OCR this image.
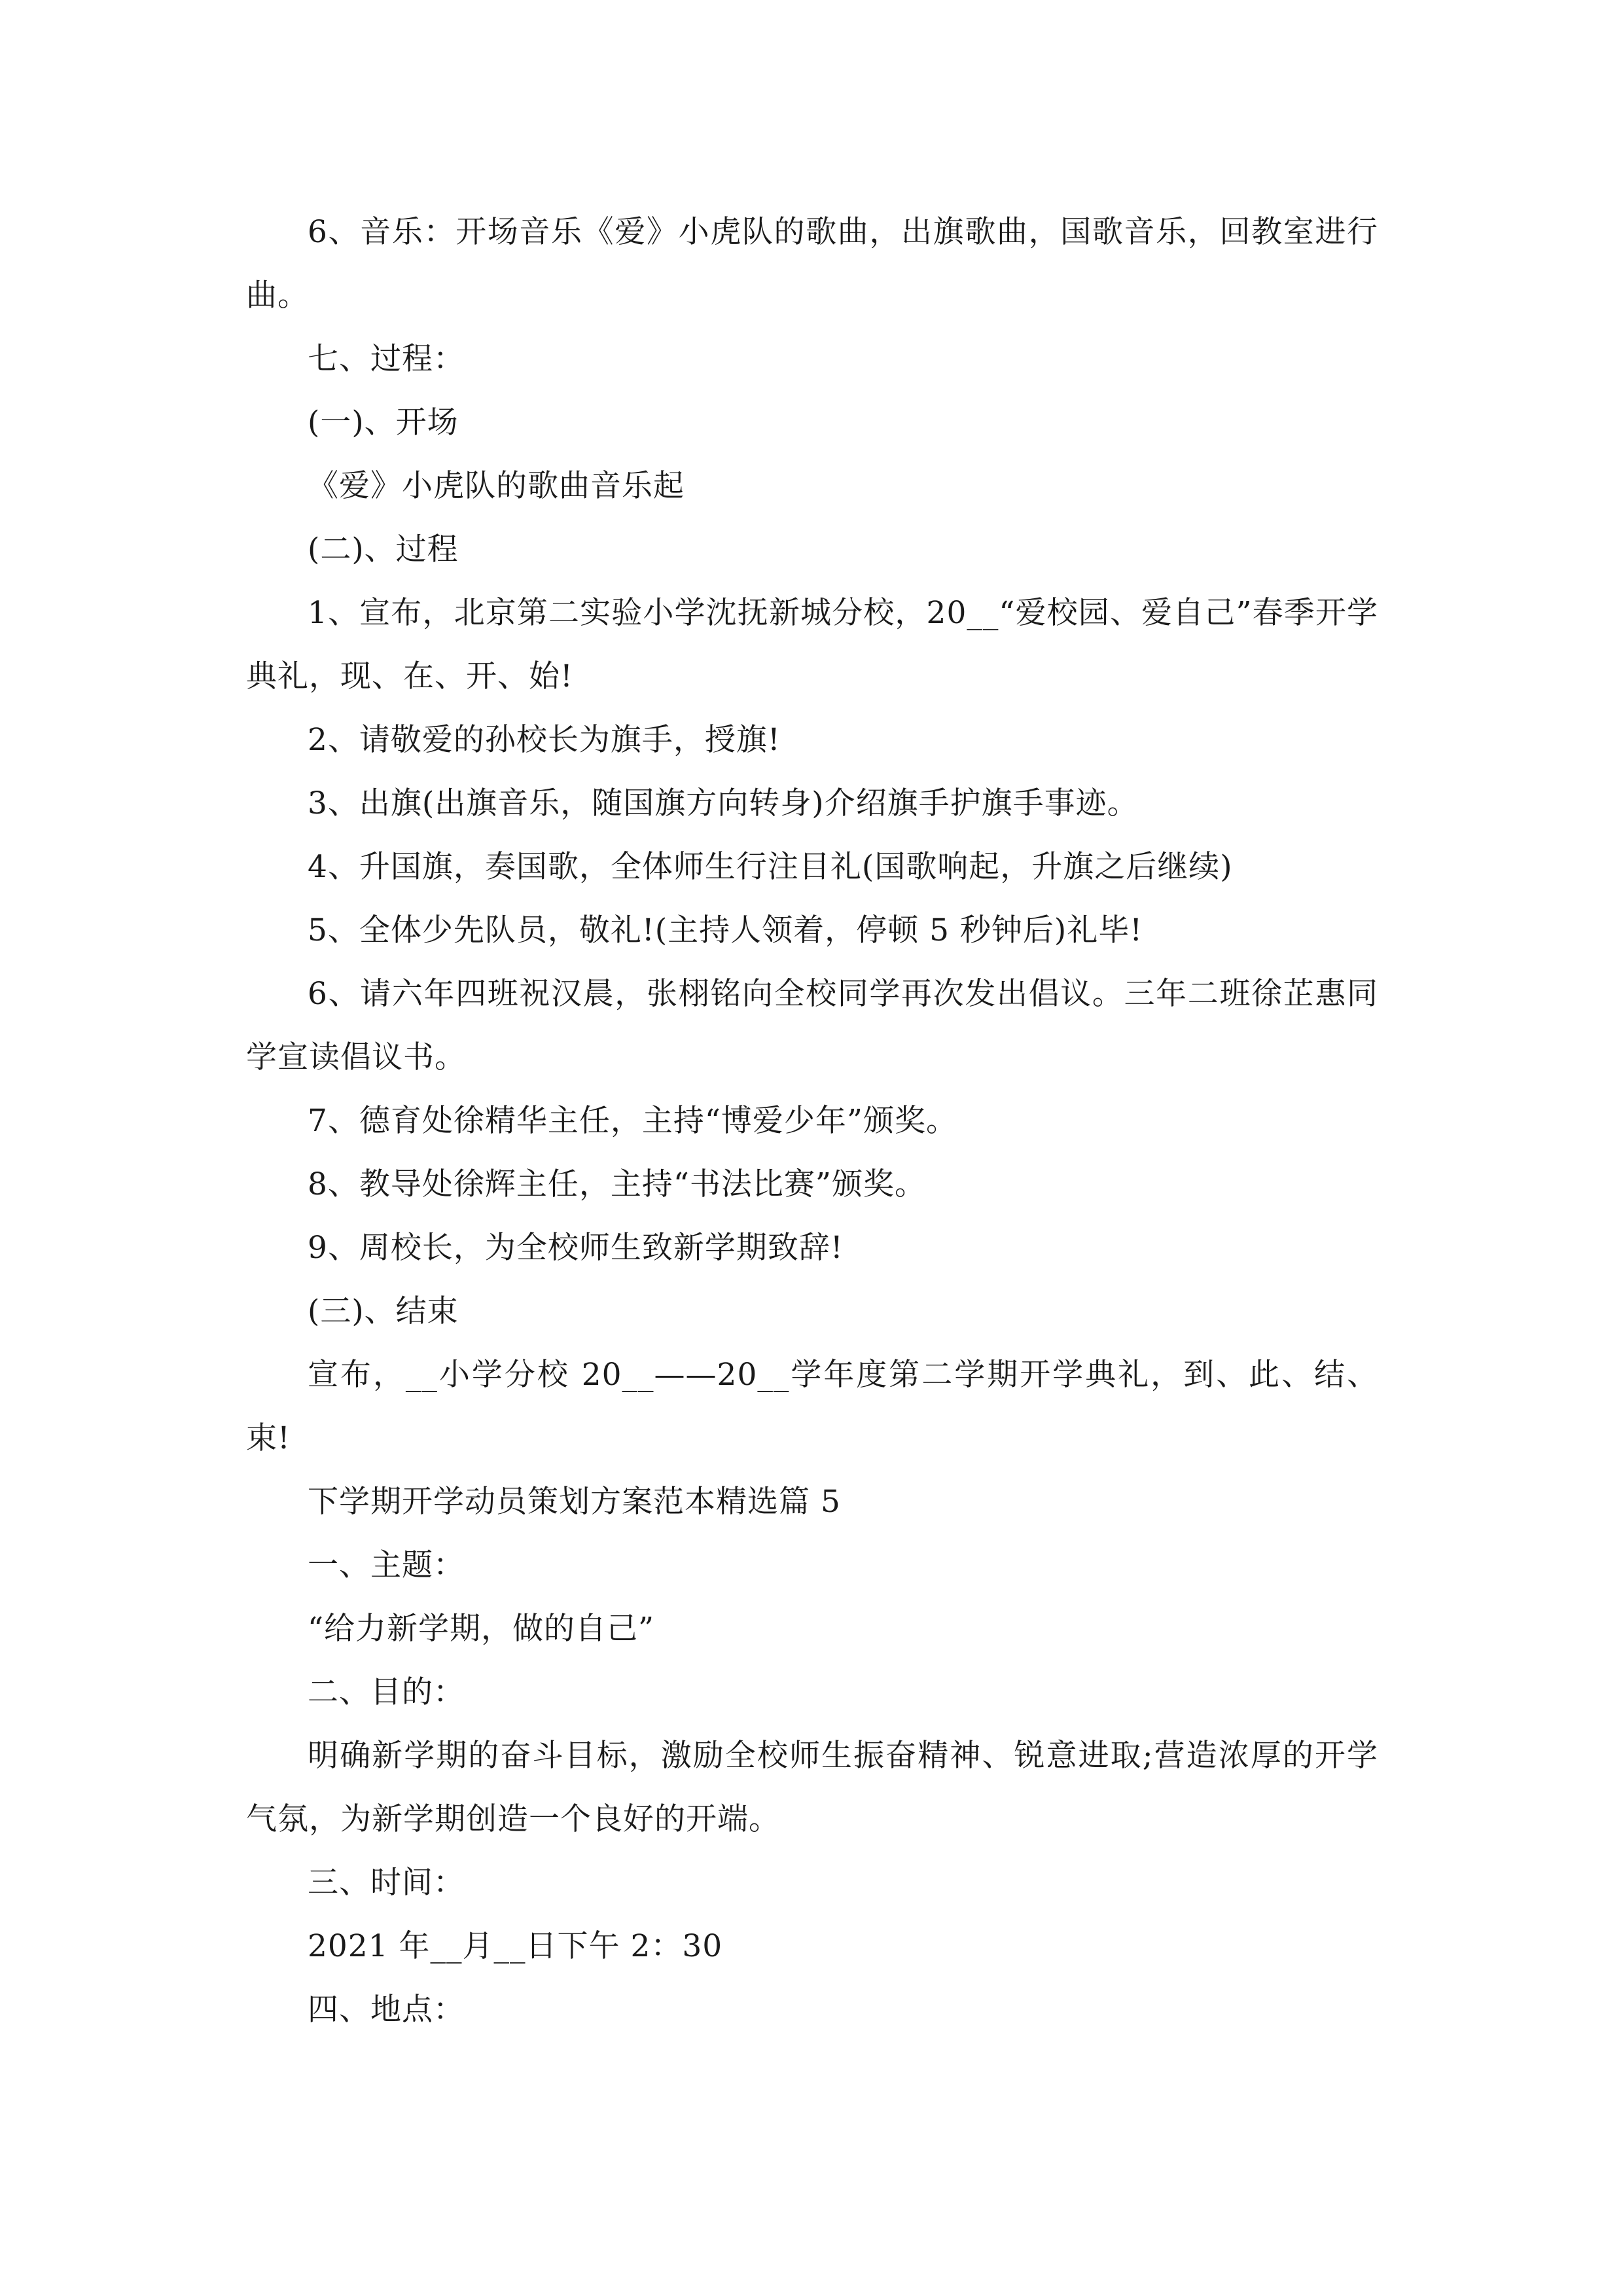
6、音乐：开场音乐《爱》小虎队的歌曲，出旗歌曲，国歌音乐，回教室进行曲。

七、过程：

(一)、开场

《爱》小虎队的歌曲音乐起

(二)、过程

1、宣布，北京第二实验小学沈抚新城分校，20__“爱校园、爱自己”春季开学典礼，现、在、开、始!

2、请敬爱的孙校长为旗手，授旗!

3、出旗(出旗音乐，随国旗方向转身)介绍旗手护旗手事迹。

4、升国旗，奏国歌，全体师生行注目礼(国歌响起，升旗之后继续)

5、全体少先队员，敬礼!(主持人领着，停顿 5 秒钟后)礼毕!

6、请六年四班祝汉晨，张栩铭向全校同学再次发出倡议。三年二班徐芷惠同学宣读倡议书。

7、德育处徐精华主任，主持“博爱少年”颁奖。

8、教导处徐辉主任，主持“书法比赛”颁奖。

9、周校长，为全校师生致新学期致辞!

(三)、结束

宣布，__小学分校 20__——20__学年度第二学期开学典礼，到、此、结、束!

下学期开学动员策划方案范本精选篇 5

一、主题：

“给力新学期，做的自己”

二、目的：

明确新学期的奋斗目标，激励全校师生振奋精神、锐意进取;营造浓厚的开学气氛，为新学期创造一个良好的开端。

三、时间：

2021 年__月__日下午 2：30

四、地点：
